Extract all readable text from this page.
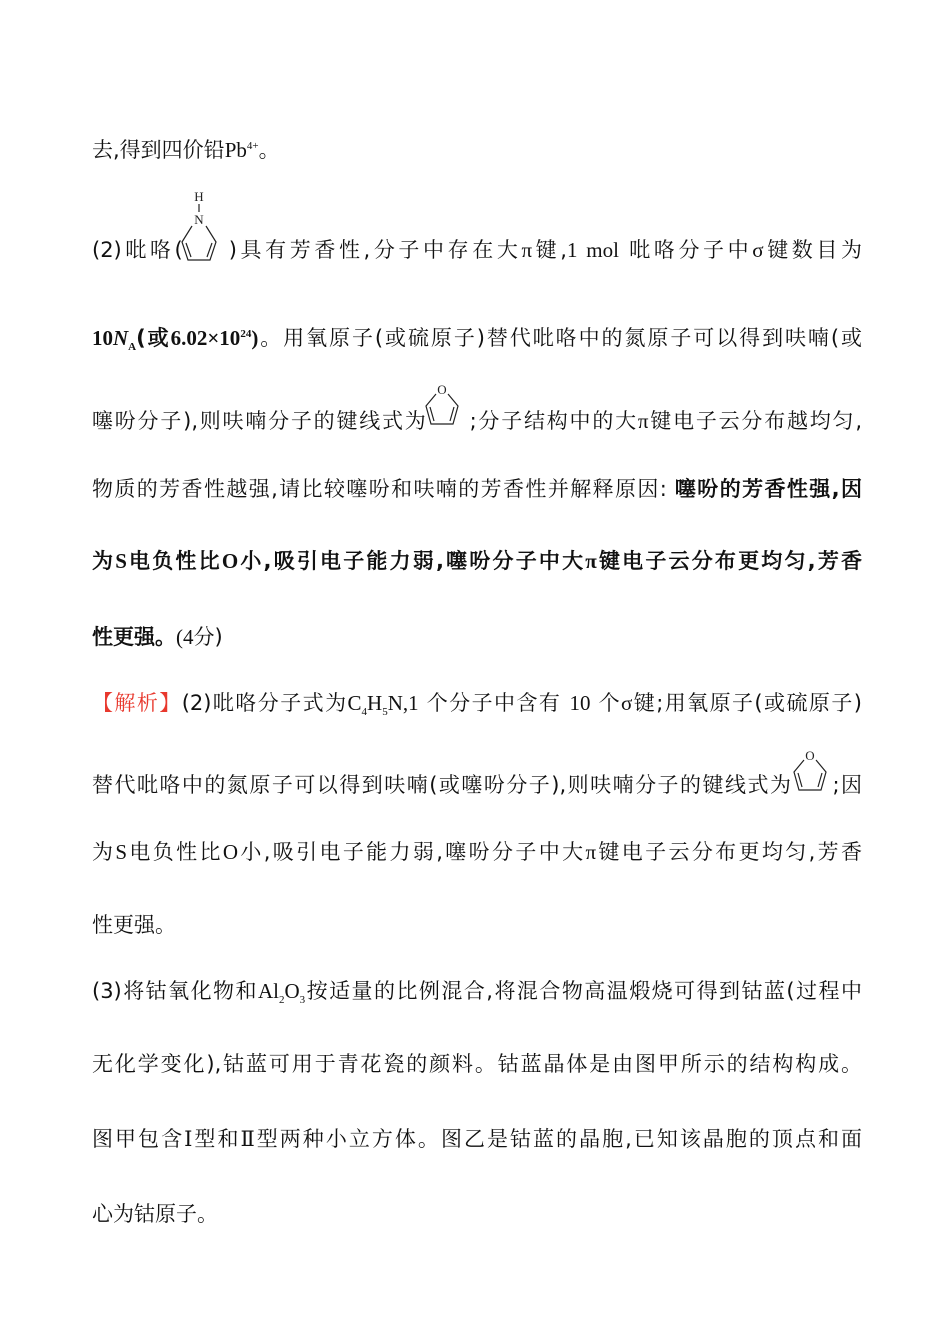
去,得到四价铅$Pb^{4+}$。
H
N
(2)吡咯( )具有芳香性,分子中存在大π键,1 mol 吡咯分子中σ键数目为
$10N_A$(或$6.02\times 10^{24}$)。用氧原子(或硫原子)替代吡咯中的氮原子可以得到呋喃(或
O
噻吩分子),则呋喃分子的键线式为 ;分子结构中的大π键电子云分布越均匀,
物质的芳香性越强,请比较噻吩和呋喃的芳香性并解释原因: 噻吩的芳香性强,因
为S电负性比O小,吸引电子能力弱,噻吩分子中大π键电子云分布更均匀,芳香
性更强。(4分)
【解析】(2)吡咯分子式为$C_4H_5N,1$ 个分子中含有 10 个σ键;用氧原子(或硫原子)
O
替代吡咯中的氮原子可以得到呋喃(或噻吩分子),则呋喃分子的键线式为 ;因
为S电负性比O小,吸引电子能力弱,噻吩分子中大π键电子云分布更均匀,芳香
性更强。
(3)将钴氧化物和$Al_2O_3$按适量的比例混合,将混合物高温煅烧可得到钴蓝(过程中
无化学变化),钴蓝可用于青花瓷的颜料。钴蓝晶体是由图甲所示的结构构成。
图甲包含Ⅰ型和Ⅱ型两种小立方体。图乙是钴蓝的晶胞,已知该晶胞的顶点和面
心为钴原子。
